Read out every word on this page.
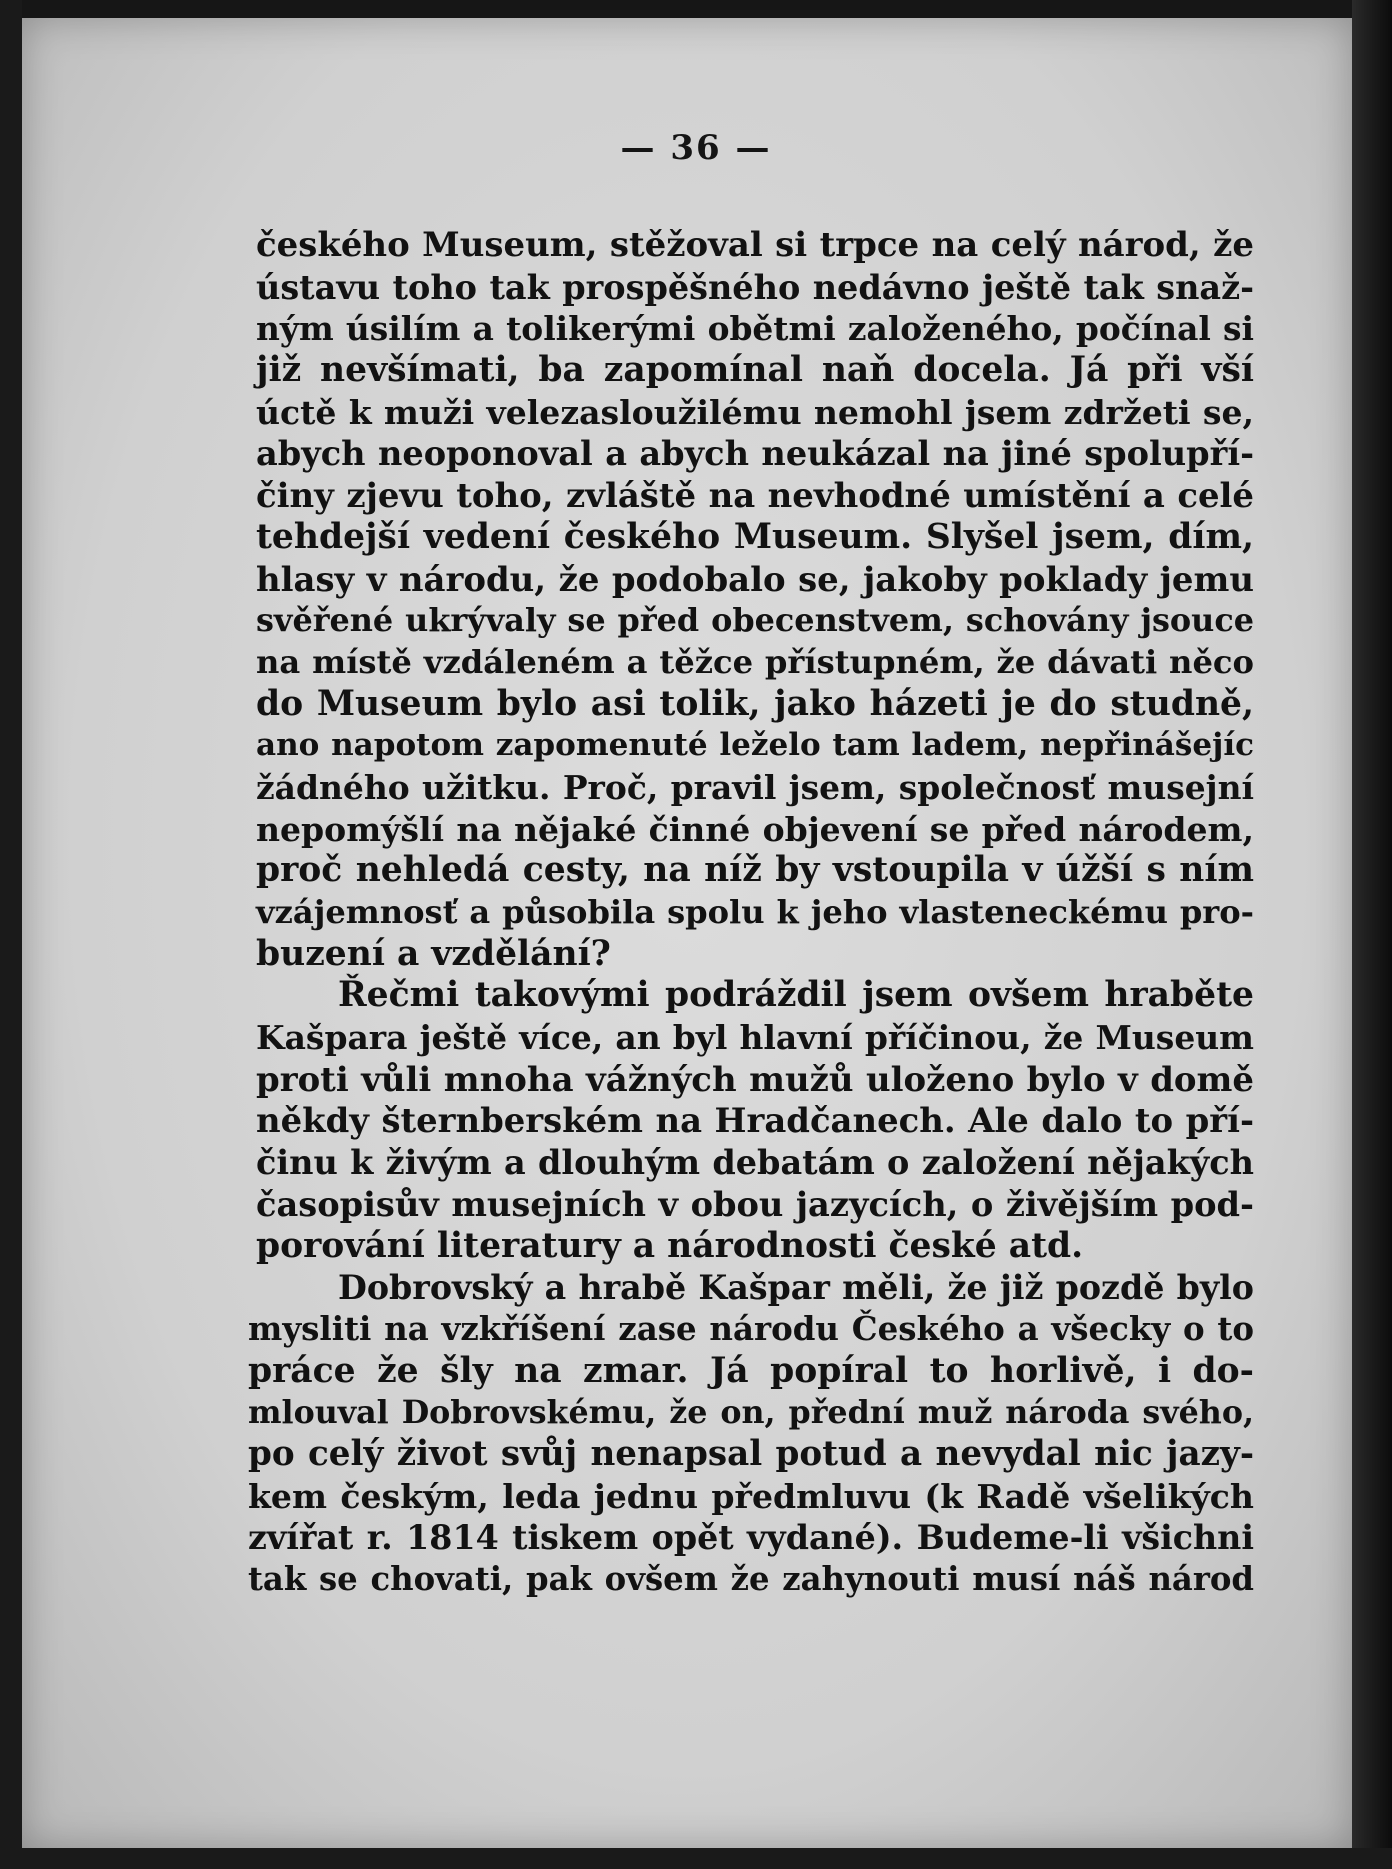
— 36 —
českého Museum, stěžoval si trpce na celý národ, že
ústavu toho tak prospěšného nedávno ještě tak snaž-
ným úsilím a tolikerými obětmi založeného, počínal si
již nevšímati, ba zapomínal naň docela. Já při vší
úctě k muži velezasloužilému nemohl jsem zdržeti se,
abych neoponoval a abych neukázal na jiné spolupří-
činy zjevu toho, zvláště na nevhodné umístění a celé
tehdejší vedení českého Museum. Slyšel jsem, dím,
hlasy v národu, že podobalo se, jakoby poklady jemu
svěřené ukrývaly se před obecenstvem, schovány jsouce
na místě vzdáleném a těžce přístupném, že dávati něco
do Museum bylo asi tolik, jako házeti je do studně,
ano napotom zapomenuté leželo tam ladem, nepřinášejíc
žádného užitku. Proč, pravil jsem, společnosť musejní
nepomýšlí na nějaké činné objevení se před národem,
proč nehledá cesty, na níž by vstoupila v úžší s ním
vzájemnosť a působila spolu k jeho vlasteneckému pro-
buzení a vzdělání?
Řečmi takovými podráždil jsem ovšem hraběte
Kašpara ještě více, an byl hlavní příčinou, že Museum
proti vůli mnoha vážných mužů uloženo bylo v domě
někdy šternberském na Hradčanech. Ale dalo to pří-
činu k živým a dlouhým debatám o založení nějakých
časopisův musejních v obou jazycích, o živějším pod-
porování literatury a národnosti české atd.
Dobrovský a hrabě Kašpar měli, že již pozdě bylo
mysliti na vzkříšení zase národu Českého a všecky o to
práce že šly na zmar. Já popíral to horlivě, i do-
mlouval Dobrovskému, že on, přední muž národa svého,
po celý život svůj nenapsal potud a nevydal nic jazy-
kem českým, leda jednu předmluvu (k Radě všelikých
zvířat r. 1814 tiskem opět vydané). Budeme-li všichni
tak se chovati, pak ovšem že zahynouti musí náš národ
